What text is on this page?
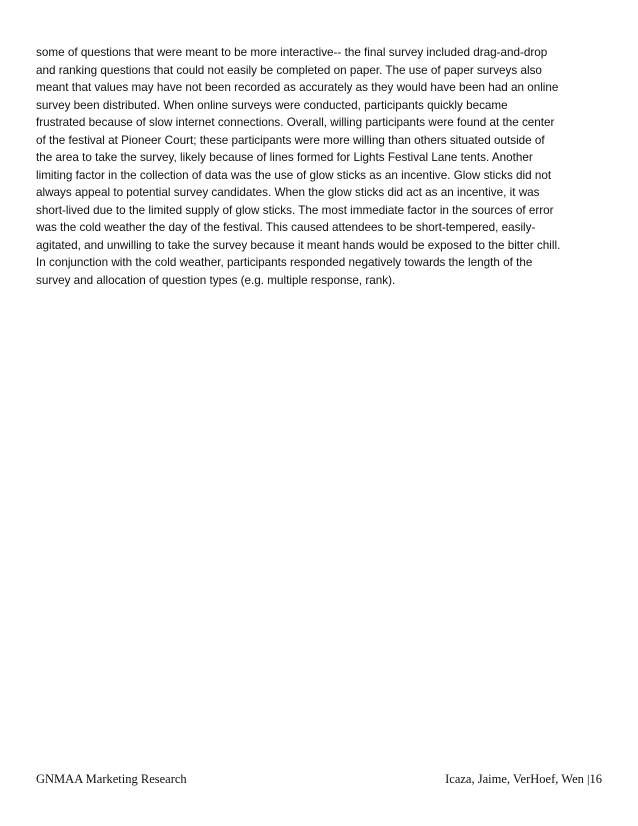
some of questions that were meant to be more interactive-- the final survey included drag-and-drop
and ranking questions that could not easily be completed on paper. The use of paper surveys also
meant that values may have not been recorded as accurately as they would have been had an online
survey been distributed. When online surveys were conducted, participants quickly became
frustrated because of slow internet connections. Overall, willing participants were found at the center
of the festival at Pioneer Court; these participants were more willing than others situated outside of
the area to take the survey, likely because of lines formed for Lights Festival Lane tents. Another
limiting factor in the collection of data was the use of glow sticks as an incentive. Glow sticks did not
always appeal to potential survey candidates. When the glow sticks did act as an incentive, it was
short-lived due to the limited supply of glow sticks. The most immediate factor in the sources of error
was the cold weather the day of the festival. This caused attendees to be short-tempered, easily-
agitated, and unwilling to take the survey because it meant hands would be exposed to the bitter chill.
In conjunction with the cold weather, participants responded negatively towards the length of the
survey and allocation of question types (e.g. multiple response, rank).

GNMAA Marketing Research	Icaza, Jaime, VerHoef, Wen |16
